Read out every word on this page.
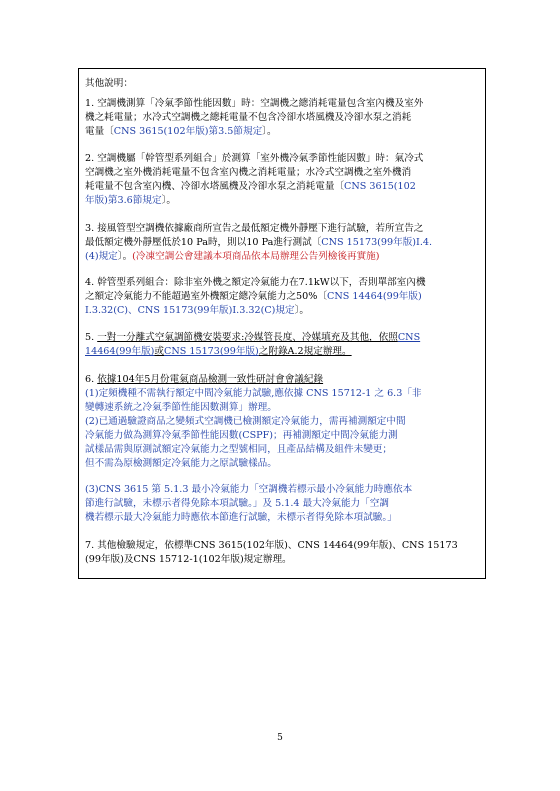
其他說明：
1. 空調機測算「冷氣季節性能因數」時：空調機之總消耗電量包含室內機及室外
機之耗電量；水冷式空調機之總耗電量不包含冷卻水塔風機及冷卻水泵之消耗
電量〔CNS 3615(102年版)第3.5節規定〕。
2. 空調機屬「幹管型系列組合」於測算「室外機冷氣季節性能因數」時：氣冷式
空調機之室外機消耗電量不包含室內機之消耗電量；水冷式空調機之室外機消
耗電量不包含室內機、冷卻水塔風機及冷卻水泵之消耗電量〔CNS 3615(102
年版)第3.6節規定〕。
3. 接風管型空調機依據廠商所宣告之最低額定機外靜壓下進行試驗，若所宣告之
最低額定機外靜壓低於10 Pa時，則以10 Pa進行測試〔CNS 15173(99年版)I.4.
(4)規定〕。(冷凍空調公會建議本項商品依本局辦理公告列檢後再實施)
4. 幹管型系列組合：除非室外機之額定冷氣能力在7.1kW以下，否則單部室內機
之額定冷氣能力不能超過室外機額定總冷氣能力之50%〔CNS 14464(99年版)
I.3.32(C)、CNS 15173(99年版)I.3.32(C)規定〕。
5. 一對一分離式空氣調節機安裝要求:冷媒管長度、冷媒填充及其他，依照CNS
14464(99年版)或CNS 15173(99年版)之附錄A.2規定辦理。
6. 依據104年5月份電氣商品檢測一致性研討會會議紀錄
(1)定頻機種不需執行額定中間冷氣能力試驗,應依據 CNS 15712-1 之 6.3「非
變轉速系統之冷氣季節性能因數測算」辦理。
(2)已通過驗證商品之變頻式空調機已檢測額定冷氣能力，需再補測額定中間
冷氣能力做為測算冷氣季節性能因數(CSPF)；再補測額定中間冷氣能力測
試樣品需與原測試額定冷氣能力之型號相同，且產品結構及組件未變更；
但不需為原檢測額定冷氣能力之原試驗樣品。
(3)CNS 3615 第 5.1.3 最小冷氣能力「空調機若標示最小冷氣能力時應依本
節進行試驗，未標示者得免除本項試驗。」及 5.1.4 最大冷氣能力「空調
機若標示最大冷氣能力時應依本節進行試驗，未標示者得免除本項試驗。」
7. 其他檢驗規定，依標準CNS 3615(102年版)、CNS 14464(99年版)、CNS 15173
(99年版)及CNS 15712-1(102年版)規定辦理。
5
